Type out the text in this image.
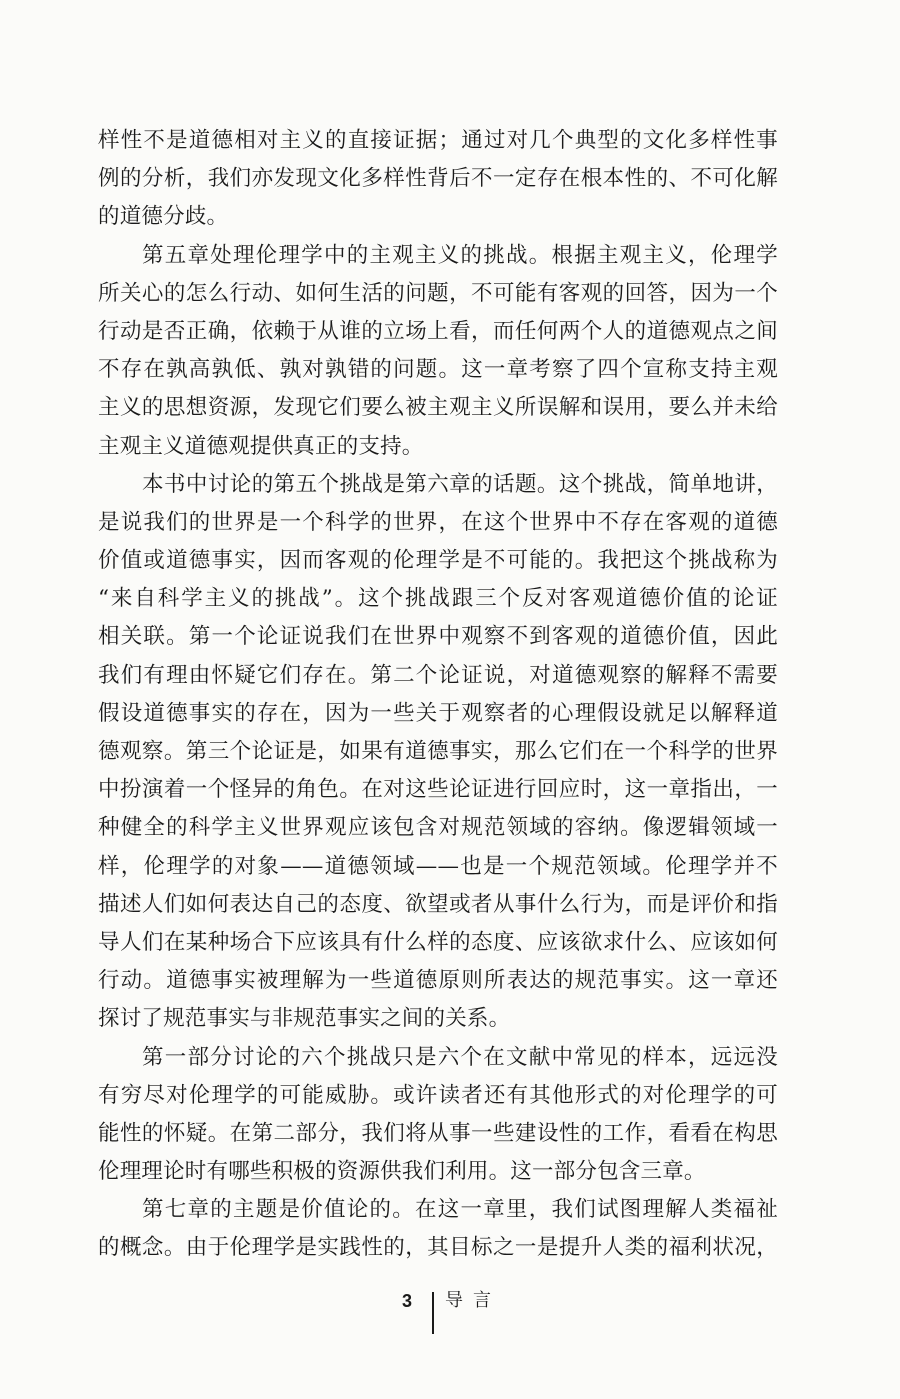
样性不是道德相对主义的直接证据；通过对几个典型的文化多样性事
例的分析，我们亦发现文化多样性背后不一定存在根本性的、不可化解
的道德分歧。
第五章处理伦理学中的主观主义的挑战。根据主观主义，伦理学
所关心的怎么行动、如何生活的问题，不可能有客观的回答，因为一个
行动是否正确，依赖于从谁的立场上看，而任何两个人的道德观点之间
不存在孰高孰低、孰对孰错的问题。这一章考察了四个宣称支持主观
主义的思想资源，发现它们要么被主观主义所误解和误用，要么并未给
主观主义道德观提供真正的支持。
本书中讨论的第五个挑战是第六章的话题。这个挑战，简单地讲，
是说我们的世界是一个科学的世界，在这个世界中不存在客观的道德
价值或道德事实，因而客观的伦理学是不可能的。我把这个挑战称为
“来自科学主义的挑战”。这个挑战跟三个反对客观道德价值的论证
相关联。第一个论证说我们在世界中观察不到客观的道德价值，因此
我们有理由怀疑它们存在。第二个论证说，对道德观察的解释不需要
假设道德事实的存在，因为一些关于观察者的心理假设就足以解释道
德观察。第三个论证是，如果有道德事实，那么它们在一个科学的世界
中扮演着一个怪异的角色。在对这些论证进行回应时，这一章指出，一
种健全的科学主义世界观应该包含对规范领域的容纳。像逻辑领域一
样，伦理学的对象——道德领域——也是一个规范领域。伦理学并不
描述人们如何表达自己的态度、欲望或者从事什么行为，而是评价和指
导人们在某种场合下应该具有什么样的态度、应该欲求什么、应该如何
行动。道德事实被理解为一些道德原则所表达的规范事实。这一章还
探讨了规范事实与非规范事实之间的关系。
第一部分讨论的六个挑战只是六个在文献中常见的样本，远远没
有穷尽对伦理学的可能威胁。或许读者还有其他形式的对伦理学的可
能性的怀疑。在第二部分，我们将从事一些建设性的工作，看看在构思
伦理理论时有哪些积极的资源供我们利用。这一部分包含三章。
第七章的主题是价值论的。在这一章里，我们试图理解人类福祉
的概念。由于伦理学是实践性的，其目标之一是提升人类的福利状况，
3 导言
